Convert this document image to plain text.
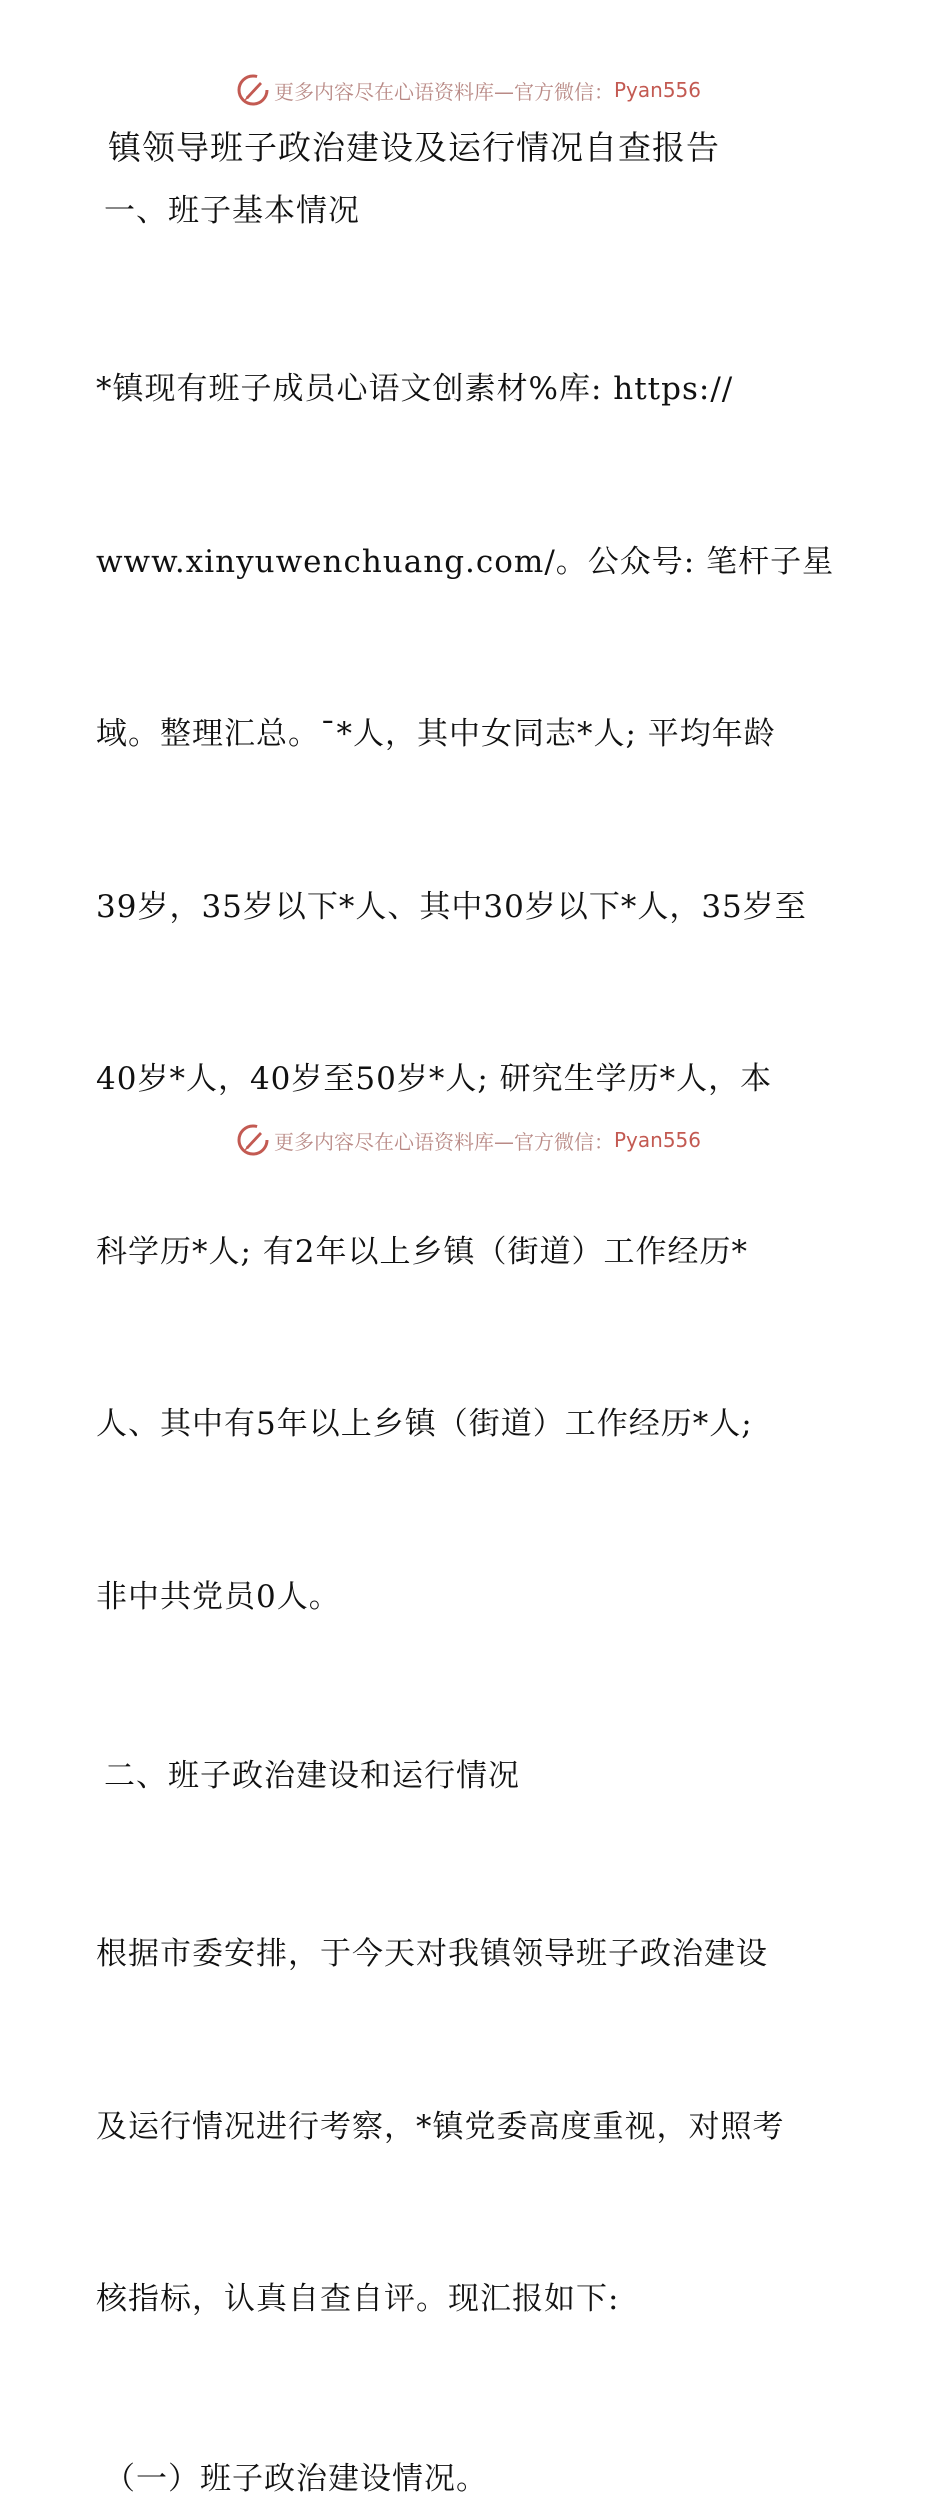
更多内容尽在心语资料库—官方微信： Pyan556
镇领导班子政治建设及运行情况自查报告
一、班子基本情况

*镇现有班子成员心语文创素材%库: https://

www.xinyuwenchuang.com/。公众号: 笔杆子星

域。整理汇总。¯*人，其中女同志*人; 平均年龄

39岁，35岁以下*人、其中30岁以下*人，35岁至

40岁*人，40岁至50岁*人; 研究生学历*人，本

科学历*人; 有2年以上乡镇（街道）工作经历*

人、其中有5年以上乡镇（街道）工作经历*人;

非中共党员0人。

二、班子政治建设和运行情况

根据市委安排，于今天对我镇领导班子政治建设

及运行情况进行考察，*镇党委高度重视，对照考

核指标，认真自查自评。现汇报如下:

（一）班子政治建设情况。
更多内容尽在心语资料库—官方微信： Pyan556
